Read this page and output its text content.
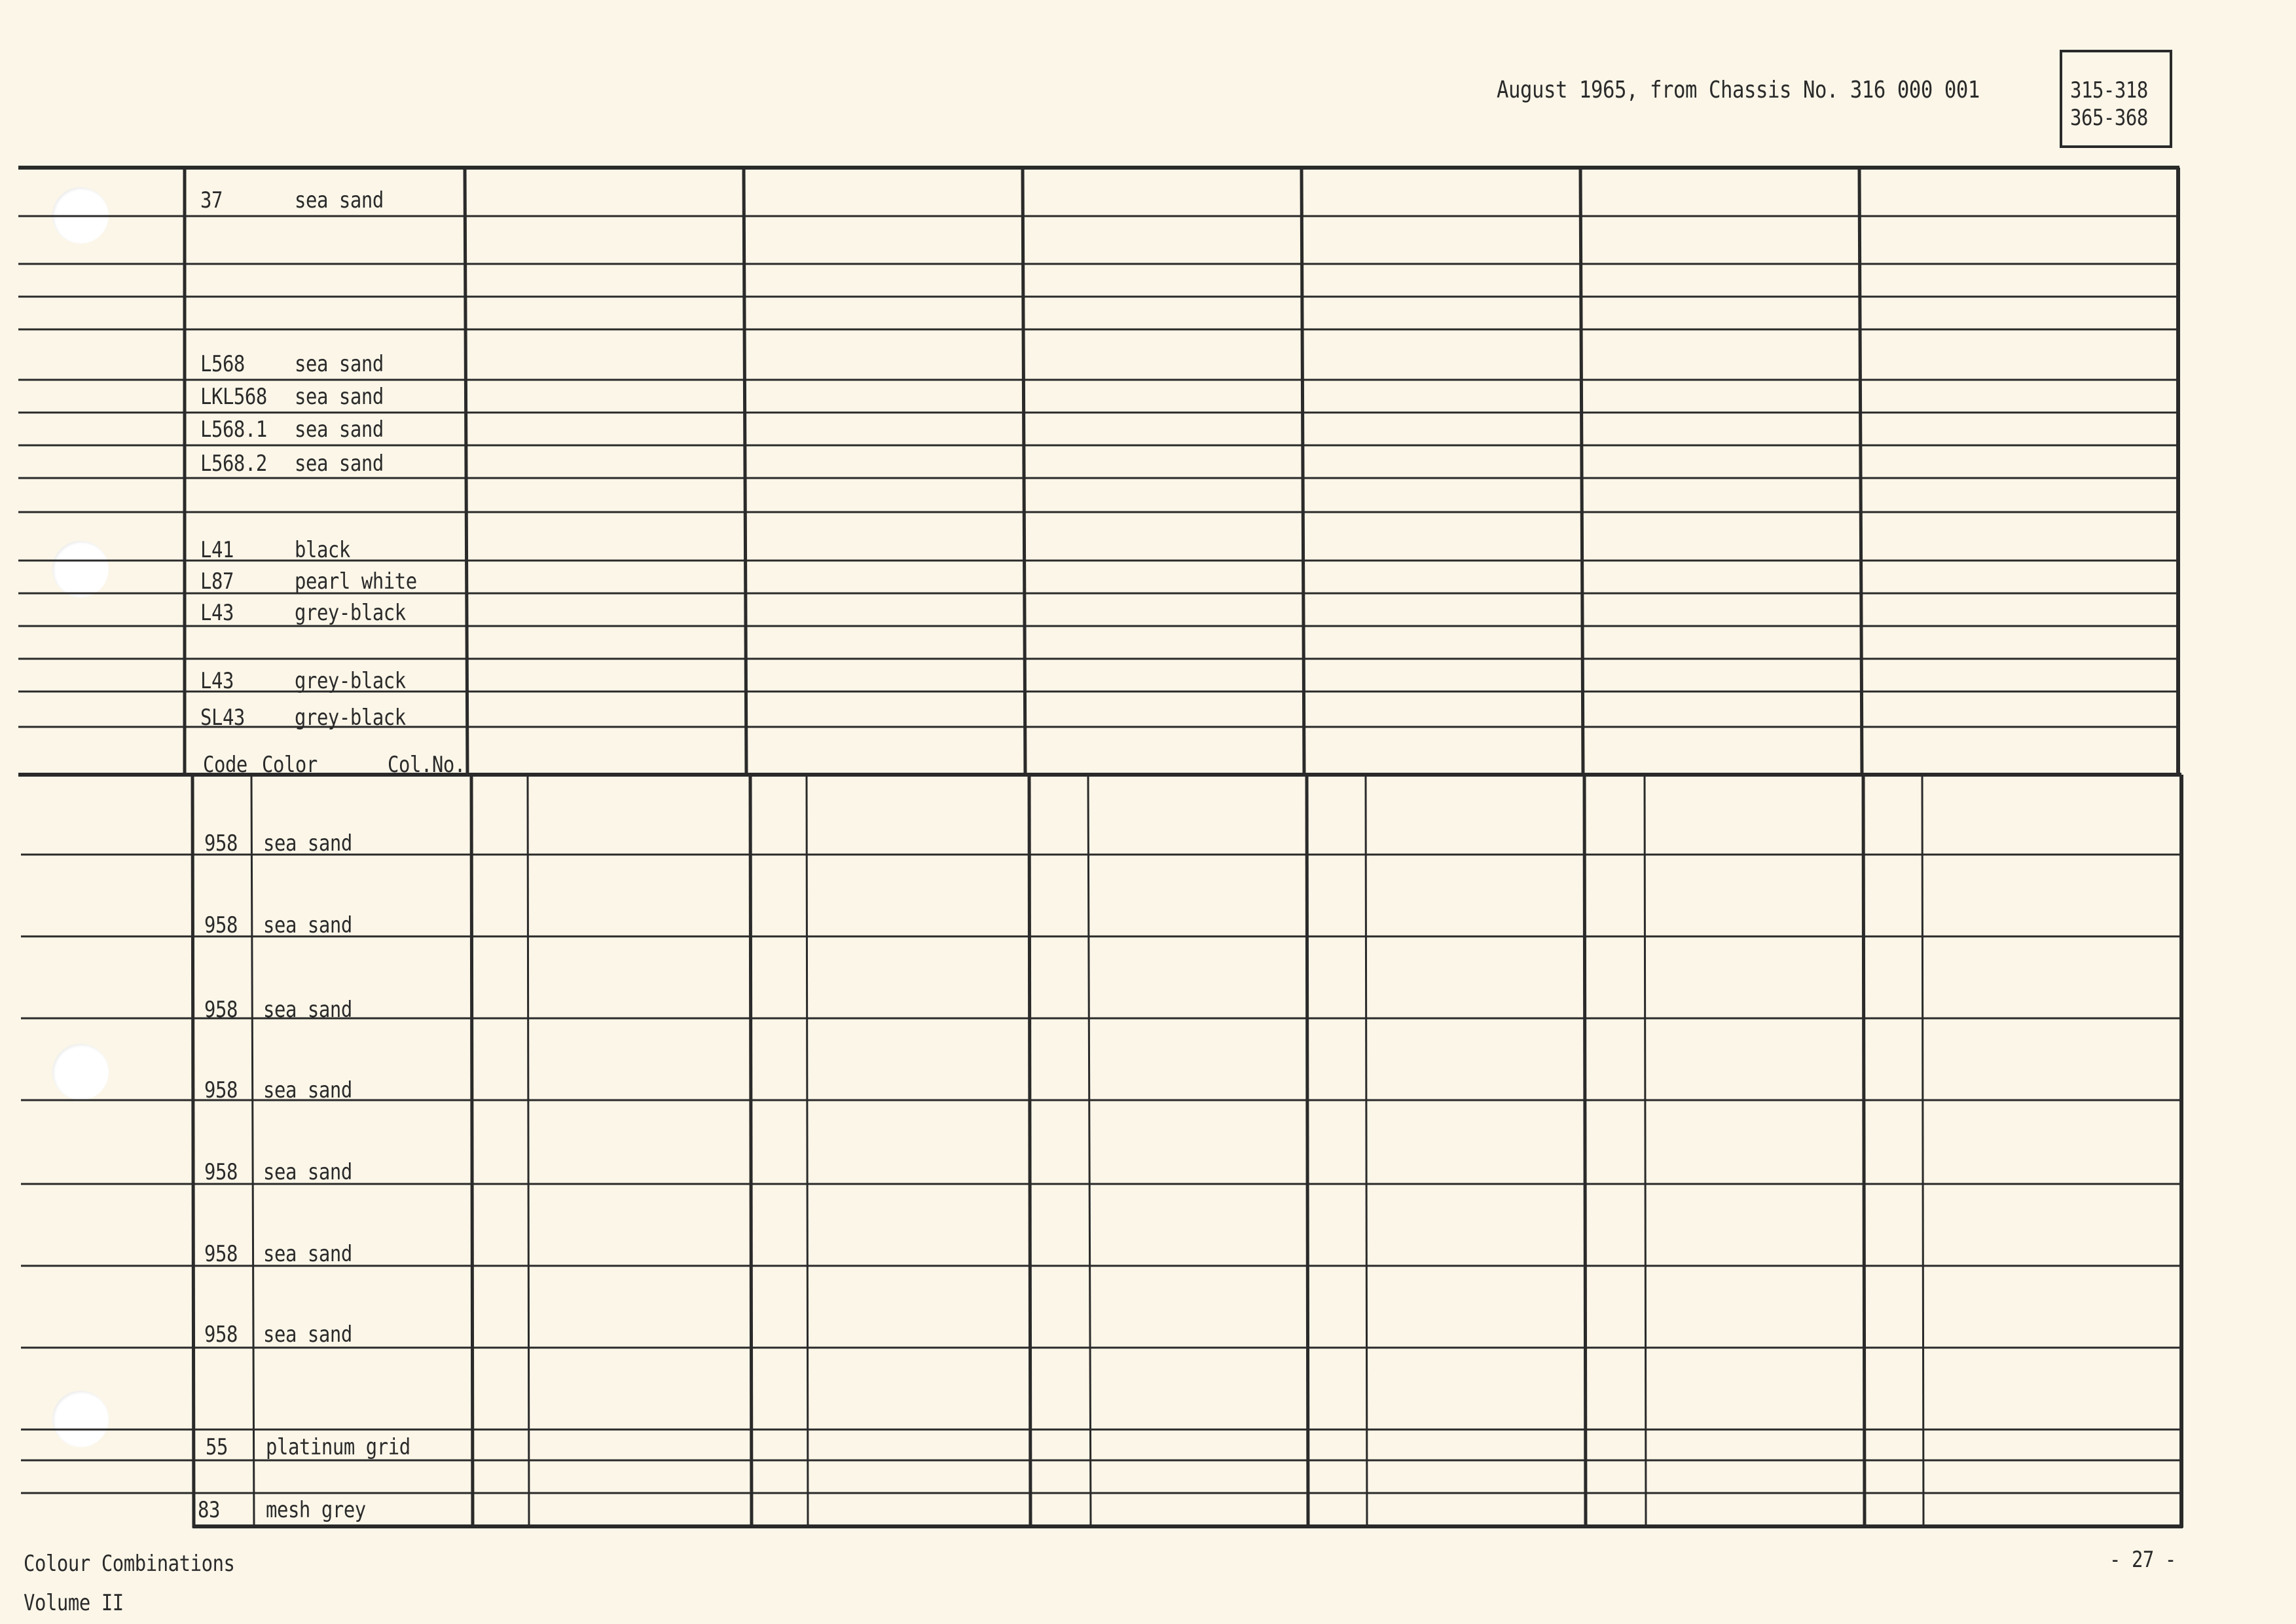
August 1965, from Chassis No. 316 000 001	315-318
365-368
37	sea sand
L568 sea sand
LKL568 sea sand
L568.1 sea sand
L568.2 sea sand
L41	black
L87	pearl white
L43	grey-black
L43	grey-black
SL43 grey-black
Code Color	Col.No.
958 sea sand
958 sea sand
958 sea sand
958 sea sand
958 sea sand
958 sea sand
958 sea sand
55 platinum grid
83 mesh grey
Colour Combinations
Volume II
- 27 -
